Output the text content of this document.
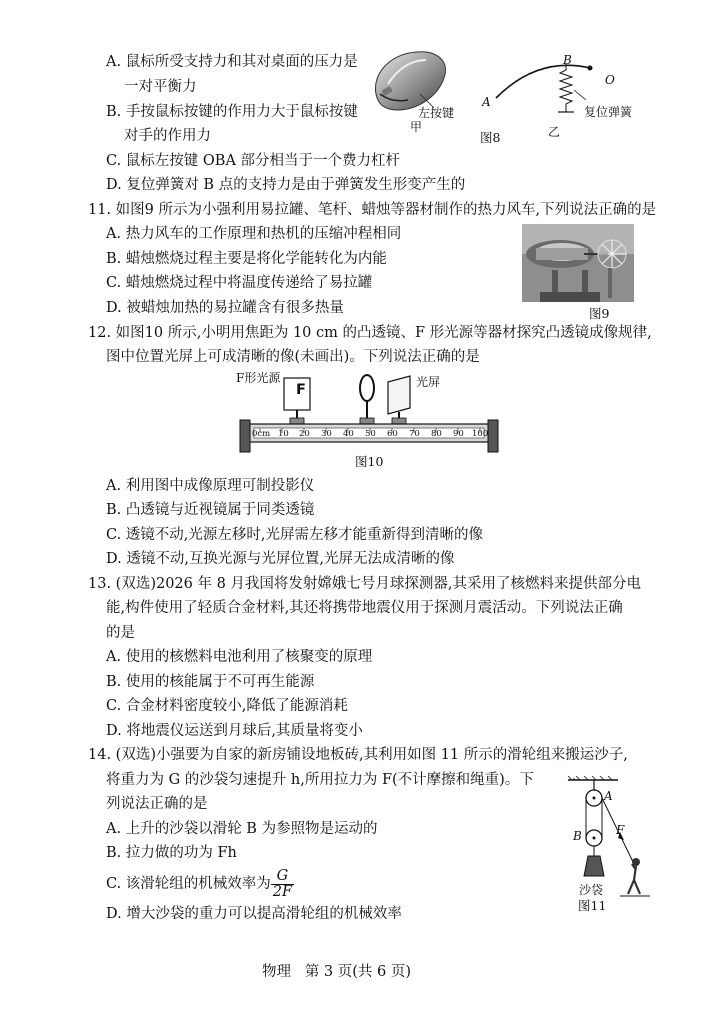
A. 鼠标所受支持力和其对桌面的压力是
一对平衡力
B. 手按鼠标按键的作用力大于鼠标按键
对手的作用力
C. 鼠标左按键 OBA 部分相当于一个费力杠杆
D. 复位弹簧对 B 点的支持力是由于弹簧发生形变产生的
左按键
甲
A
B
O
复位弹簧
乙
图8
11. 如图9 所示为小强利用易拉罐、笔杆、蜡烛等器材制作的热力风车,下列说法正确的是
A. 热力风车的工作原理和热机的压缩冲程相同
B. 蜡烛燃烧过程主要是将化学能转化为内能
C. 蜡烛燃烧过程中将温度传递给了易拉罐
D. 被蜡烛加热的易拉罐含有很多热量	图9
12. 如图10 所示,小明用焦距为 10 cm 的凸透镜、F 形光源等器材探究凸透镜成像规律,
图中位置光屏上可成清晰的像(未画出)。下列说法正确的是
F形光源
F	光屏
0cm 10 20 30 40 50 60 70 80 90 100
图10
A. 利用图中成像原理可制投影仪
B. 凸透镜与近视镜属于同类透镜
C. 透镜不动,光源左移时,光屏需左移才能重新得到清晰的像
D. 透镜不动,互换光源与光屏位置,光屏无法成清晰的像
13. (双选)2026 年 8 月我国将发射嫦娥七号月球探测器,其采用了核燃料来提供部分电
能,构件使用了轻质合金材料,其还将携带地震仪用于探测月震活动。下列说法正确
的是
A. 使用的核燃料电池利用了核聚变的原理
B. 使用的核能属于不可再生能源
C. 合金材料密度较小,降低了能源消耗
D. 将地震仪运送到月球后,其质量将变小
14. (双选)小强要为自家的新房铺设地板砖,其利用如图 11 所示的滑轮组来搬运沙子,
将重力为 G 的沙袋匀速提升 h,所用拉力为 F(不计摩擦和绳重)。下
列说法正确的是
A. 上升的沙袋以滑轮 B 为参照物是运动的
B. 拉力做的功为 Fh
C. 该滑轮组的机械效率为 $\frac{G}{2F}$
D. 增大沙袋的重力可以提高滑轮组的机械效率
A
B	F
沙袋
图11
物理   第 3 页(共 6 页)
